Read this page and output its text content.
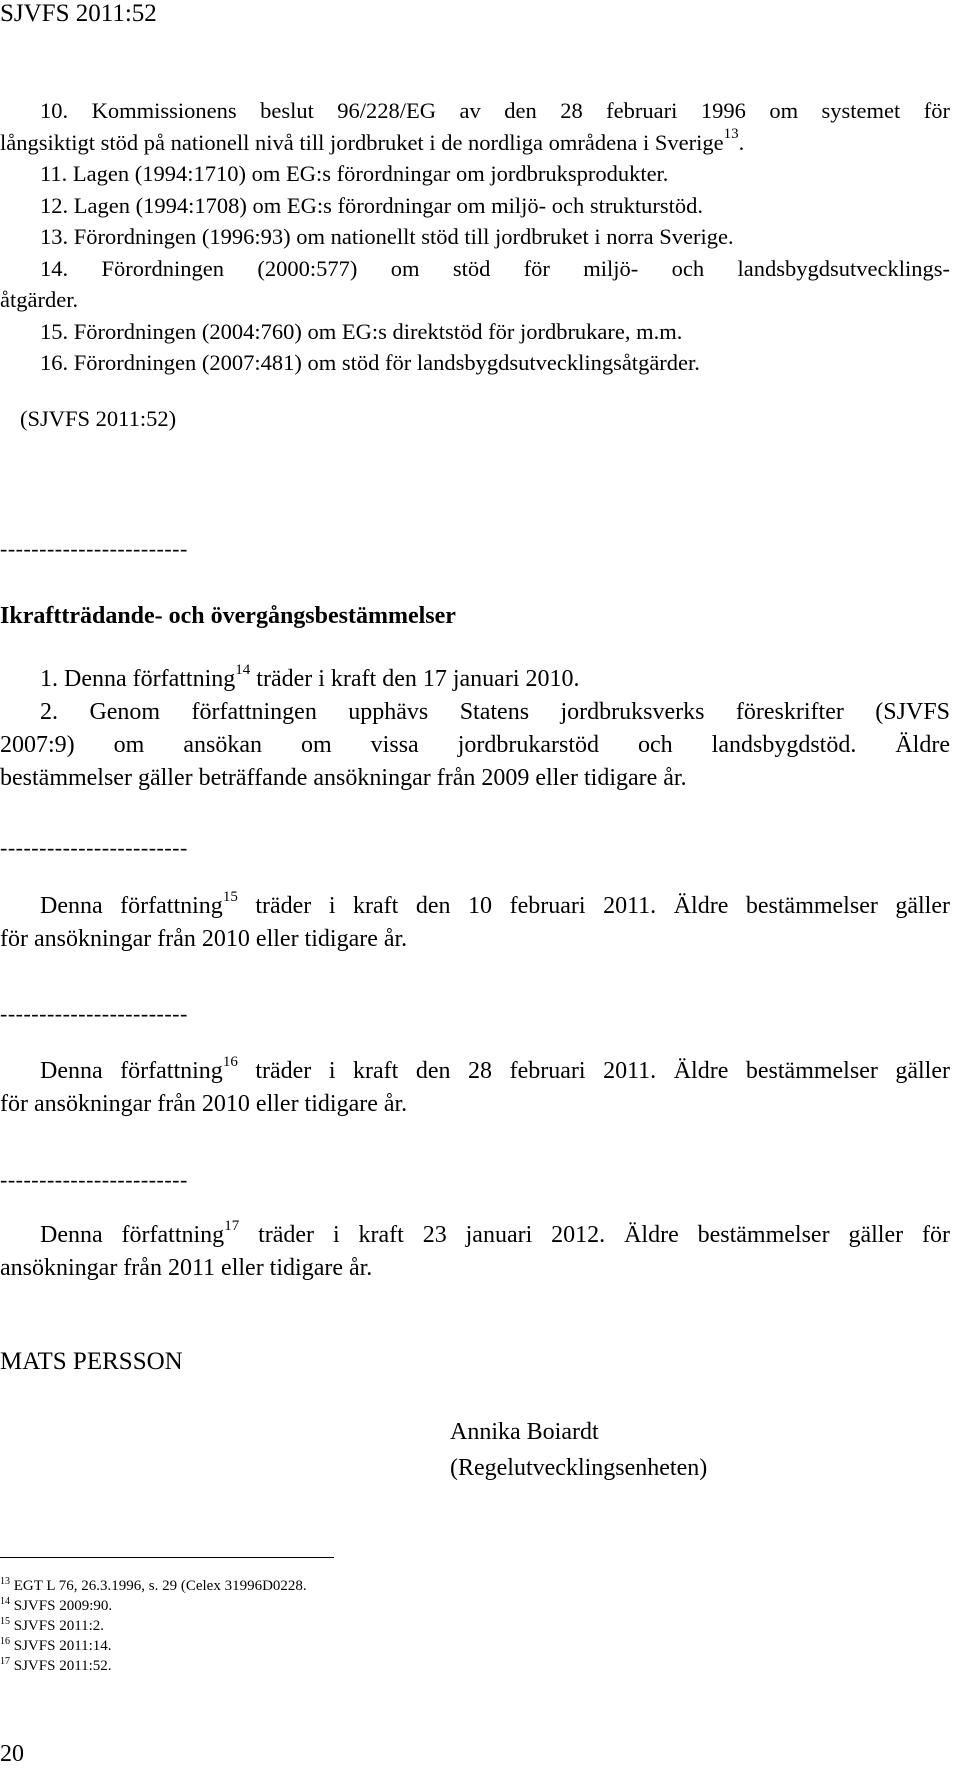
SJVFS 2011:52
10. Kommissionens beslut 96/228/EG av den 28 februari 1996 om systemet för
långsiktigt stöd på nationell nivå till jordbruket i de nordliga områdena i Sverige$^{13}$.
11. Lagen (1994:1710) om EG:s förordningar om jordbruksprodukter.
12. Lagen (1994:1708) om EG:s förordningar om miljö- och strukturstöd.
13. Förordningen (1996:93) om nationellt stöd till jordbruket i norra Sverige.
14. Förordningen (2000:577) om stöd för miljö- och landsbygdsutvecklings-
åtgärder.
15. Förordningen (2004:760) om EG:s direktstöd för jordbrukare, m.m.
16. Förordningen (2007:481) om stöd för landsbygdsutvecklingsåtgärder.
(SJVFS 2011:52)
------------------------
Ikraftträdande- och övergångsbestämmelser
1. Denna författning$^{14}$ träder i kraft den 17 januari 2010.
2. Genom författningen upphävs Statens jordbruksverks föreskrifter (SJVFS
2007:9) om ansökan om vissa jordbrukarstöd och landsbygdstöd. Äldre
bestämmelser gäller beträffande ansökningar från 2009 eller tidigare år.
------------------------
Denna författning$^{15}$ träder i kraft den 10 februari 2011. Äldre bestämmelser gäller
för ansökningar från 2010 eller tidigare år.
------------------------
Denna författning$^{16}$ träder i kraft den 28 februari 2011. Äldre bestämmelser gäller
för ansökningar från 2010 eller tidigare år.
------------------------
Denna författning$^{17}$ träder i kraft 23 januari 2012. Äldre bestämmelser gäller för
ansökningar från 2011 eller tidigare år.
MATS PERSSON
Annika Boiardt
(Regelutvecklingsenheten)
$^{13}$ EGT L 76, 26.3.1996, s. 29 (Celex 31996D0228.
$^{14}$ SJVFS 2009:90.
$^{15}$ SJVFS 2011:2.
$^{16}$ SJVFS 2011:14.
$^{17}$ SJVFS 2011:52.
20
